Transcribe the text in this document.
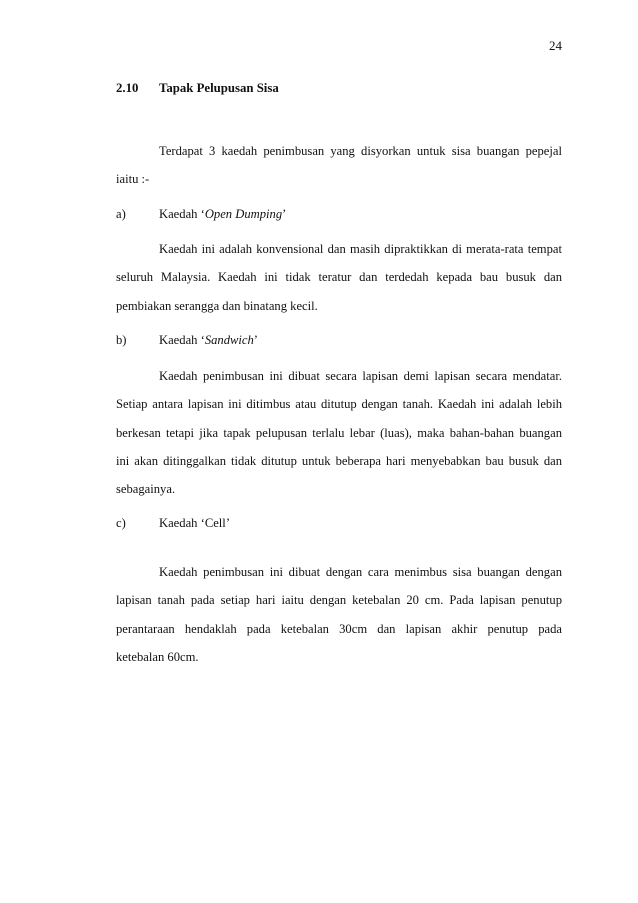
24
2.10 Tapak Pelupusan Sisa
Terdapat 3 kaedah penimbusan yang disyorkan untuk sisa buangan pepejal
iaitu :-
a)	Kaedah ‘Open Dumping’
Kaedah ini adalah konvensional dan masih dipraktikkan di merata-rata tempat
seluruh Malaysia. Kaedah ini tidak teratur dan terdedah kepada bau busuk dan
pembiakan serangga dan binatang kecil.
b)	Kaedah ‘Sandwich’
Kaedah penimbusan ini dibuat secara lapisan demi lapisan secara mendatar.
Setiap antara lapisan ini ditimbus atau ditutup dengan tanah. Kaedah ini adalah lebih
berkesan tetapi jika tapak pelupusan terlalu lebar (luas), maka bahan-bahan buangan
ini akan ditinggalkan tidak ditutup untuk beberapa hari menyebabkan bau busuk dan
sebagainya.
c)	Kaedah ‘Cell’
Kaedah penimbusan ini dibuat dengan cara menimbus sisa buangan dengan
lapisan tanah pada setiap hari iaitu dengan ketebalan 20 cm. Pada lapisan penutup
perantaraan hendaklah pada ketebalan 30cm dan lapisan akhir penutup pada
ketebalan 60cm.
